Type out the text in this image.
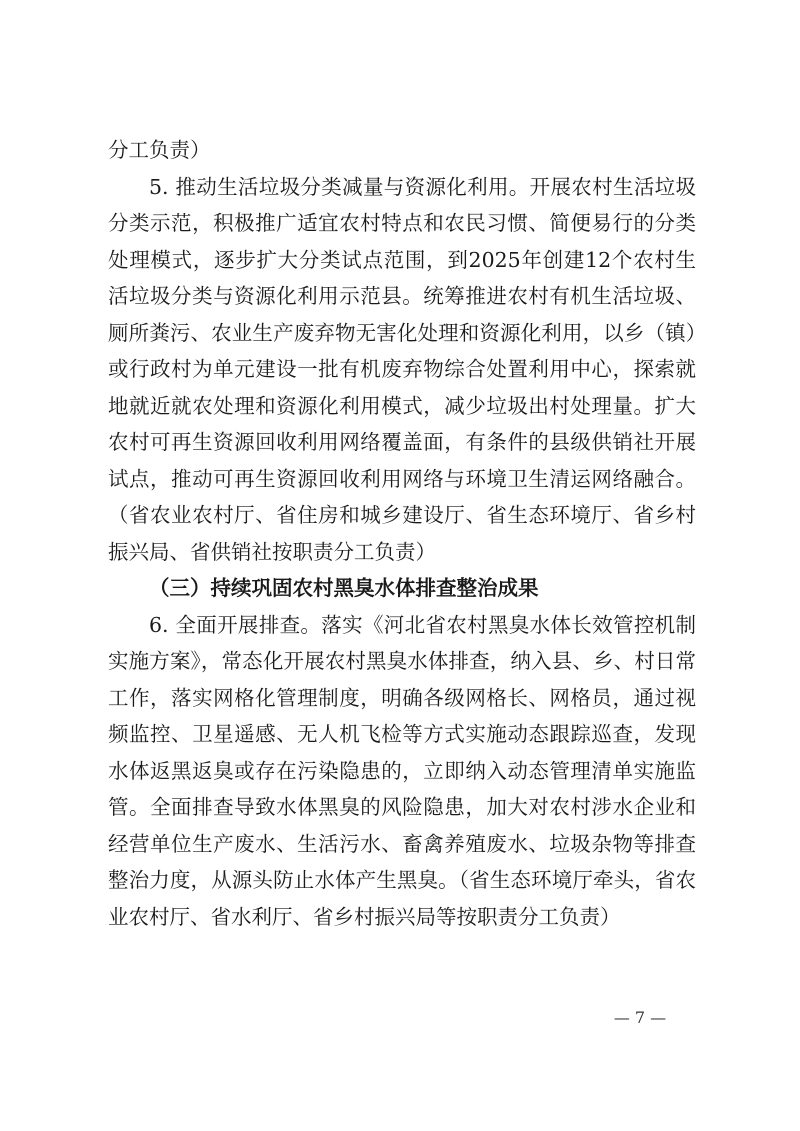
分工负责）

5. 推动生活垃圾分类减量与资源化利用。开展农村生活垃圾分类示范，积极推广适宜农村特点和农民习惯、简便易行的分类处理模式，逐步扩大分类试点范围，到2025年创建12个农村生活垃圾分类与资源化利用示范县。统筹推进农村有机生活垃圾、厕所粪污、农业生产废弃物无害化处理和资源化利用，以乡（镇）或行政村为单元建设一批有机废弃物综合处置利用中心，探索就地就近就农处理和资源化利用模式，减少垃圾出村处理量。扩大农村可再生资源回收利用网络覆盖面，有条件的县级供销社开展试点，推动可再生资源回收利用网络与环境卫生清运网络融合。（省农业农村厅、省住房和城乡建设厅、省生态环境厅、省乡村振兴局、省供销社按职责分工负责）

（三）持续巩固农村黑臭水体排查整治成果

6. 全面开展排查。落实《河北省农村黑臭水体长效管控机制实施方案》，常态化开展农村黑臭水体排查，纳入县、乡、村日常工作，落实网格化管理制度，明确各级网格长、网格员，通过视频监控、卫星遥感、无人机飞检等方式实施动态跟踪巡查，发现水体返黑返臭或存在污染隐患的，立即纳入动态管理清单实施监管。全面排查导致水体黑臭的风险隐患，加大对农村涉水企业和经营单位生产废水、生活污水、畜禽养殖废水、垃圾杂物等排查整治力度，从源头防止水体产生黑臭。（省生态环境厅牵头，省农业农村厅、省水利厅、省乡村振兴局等按职责分工负责）

— 7 —
